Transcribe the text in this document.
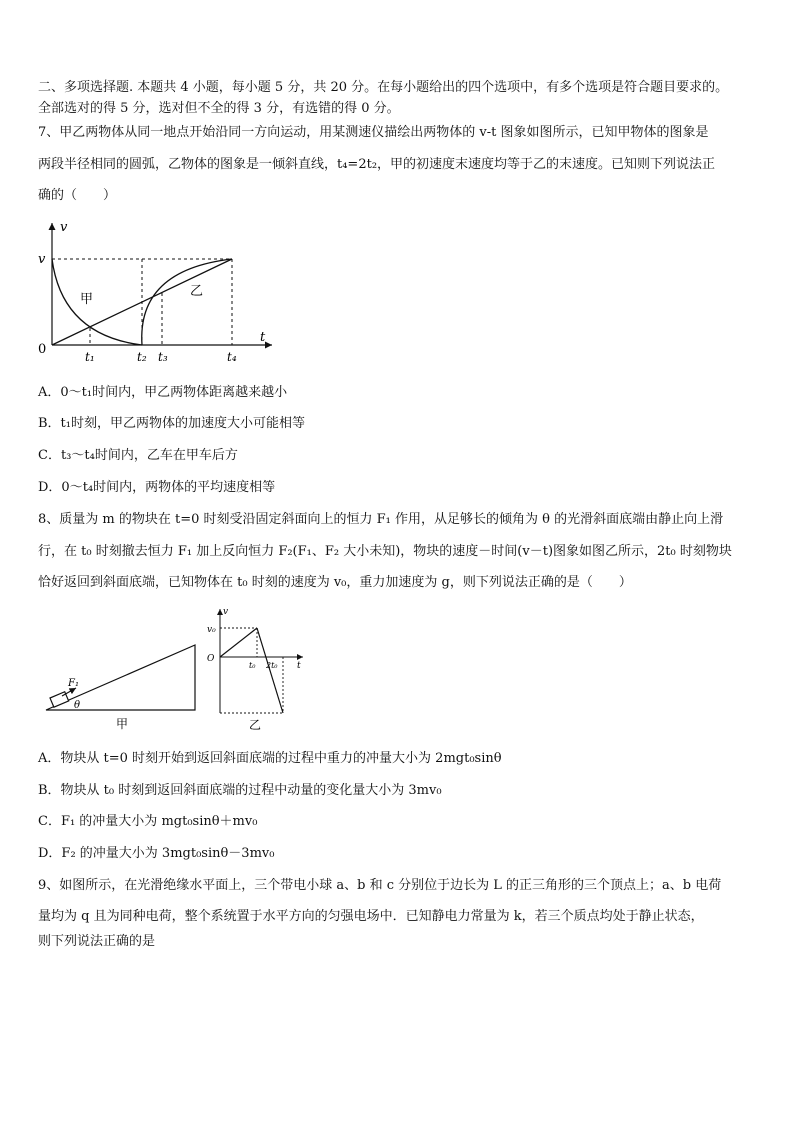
二、多项选择题. 本题共 4 小题，每小题 5 分，共 20 分。在每小题给出的四个选项中，有多个选项是符合题目要求的。
全部选对的得 5 分，选对但不全的得 3 分，有选错的得 0 分。
7、甲乙两物体从同一地点开始沿同一方向运动，用某测速仪描绘出两物体的 v-t 图象如图所示，已知甲物体的图象是
两段半径相同的圆弧，乙物体的图象是一倾斜直线，t₄=2t₂，甲的初速度末速度均等于乙的末速度。已知则下列说法正
确的（　　）
v
t
v
0	t₁	t₂ t₃	t₄
甲
乙
A．0～t₁时间内，甲乙两物体距离越来越小
B．t₁时刻，甲乙两物体的加速度大小可能相等
C．t₃～t₄时间内，乙车在甲车后方
D．0～t₄时间内，两物体的平均速度相等
8、质量为 m 的物块在 t=0 时刻受沿固定斜面向上的恒力 F₁ 作用，从足够长的倾角为 θ 的光滑斜面底端由静止向上滑
行，在 t₀ 时刻撤去恒力 F₁ 加上反向恒力 F₂(F₁、F₂ 大小未知)，物块的速度－时间(v－t)图象如图乙所示，2t₀ 时刻物块
恰好返回到斜面底端，已知物体在 t₀ 时刻的速度为 v₀，重力加速度为 g，则下列说法正确的是（　　）
F₁
θ
甲
v
t
v₀
O
t₀ 2t₀
乙
A．物块从 t=0 时刻开始到返回斜面底端的过程中重力的冲量大小为 2mgt₀sinθ
B．物块从 t₀ 时刻到返回斜面底端的过程中动量的变化量大小为 3mv₀
C．F₁ 的冲量大小为 mgt₀sinθ＋mv₀
D．F₂ 的冲量大小为 3mgt₀sinθ－3mv₀
9、如图所示，在光滑绝缘水平面上，三个带电小球 a、b 和 c 分别位于边长为 L 的正三角形的三个顶点上；a、b 电荷
量均为 q 且为同种电荷，整个系统置于水平方向的匀强电场中．已知静电力常量为 k，若三个质点均处于静止状态，
则下列说法正确的是
